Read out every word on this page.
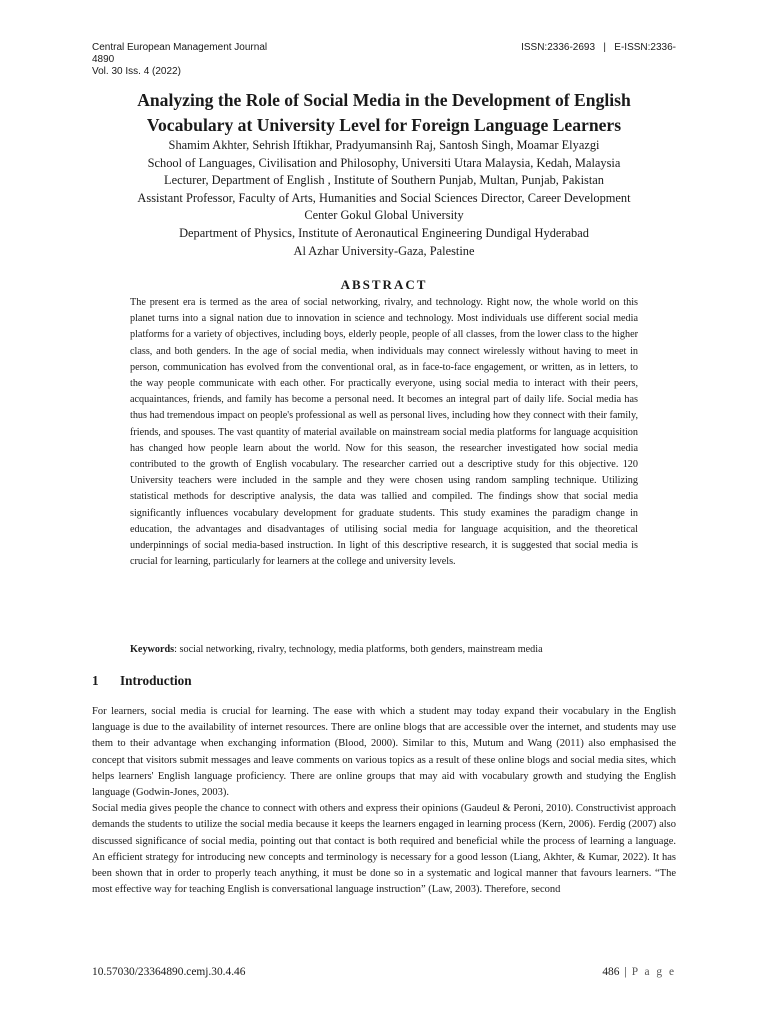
Central European Management Journal
4890
Vol. 30 Iss. 4 (2022)
ISSN:2336-2693   |   E-ISSN:2336-
Analyzing the Role of Social Media in the Development of English
Vocabulary at University Level for Foreign Language Learners
Shamim Akhter, Sehrish Iftikhar, Pradyumansinh Raj, Santosh Singh, Moamar Elyazgi
School of Languages, Civilisation and Philosophy, Universiti Utara Malaysia, Kedah, Malaysia
Lecturer, Department of English , Institute of Southern Punjab, Multan, Punjab, Pakistan
Assistant Professor, Faculty of Arts, Humanities and Social Sciences Director, Career Development
Center Gokul Global University
Department of Physics, Institute of Aeronautical Engineering Dundigal Hyderabad
Al Azhar University-Gaza, Palestine
ABSTRACT
The present era is termed as the area of social networking, rivalry, and technology. Right now, the whole world on this planet turns into a signal nation due to innovation in science and technology. Most individuals use different social media platforms for a variety of objectives, including boys, elderly people, people of all classes, from the lower class to the higher class, and both genders. In the age of social media, when individuals may connect wirelessly without having to meet in person, communication has evolved from the conventional oral, as in face-to-face engagement, or written, as in letters, to the way people communicate with each other. For practically everyone, using social media to interact with their peers, acquaintances, friends, and family has become a personal need. It becomes an integral part of daily life. Social media has thus had tremendous impact on people's professional as well as personal lives, including how they connect with their family, friends, and spouses. The vast quantity of material available on mainstream social media platforms for language acquisition has changed how people learn about the world. Now for this season, the researcher investigated how social media contributed to the growth of English vocabulary. The researcher carried out a descriptive study for this objective. 120 University teachers were included in the sample and they were chosen using random sampling technique. Utilizing statistical methods for descriptive analysis, the data was tallied and compiled. The findings show that social media significantly influences vocabulary development for graduate students. This study examines the paradigm change in education, the advantages and disadvantages of utilising social media for language acquisition, and the theoretical underpinnings of social media-based instruction. In light of this descriptive research, it is suggested that social media is crucial for learning, particularly for learners at the college and university levels.
Keywords: social networking, rivalry, technology, media platforms, both genders, mainstream media
1 Introduction

For learners, social media is crucial for learning. The ease with which a student may today expand their vocabulary in the English language is due to the availability of internet resources. There are online blogs that are accessible over the internet, and students may use them to their advantage when exchanging information (Blood, 2000). Similar to this, Mutum and Wang (2011) also emphasised the concept that visitors submit messages and leave comments on various topics as a result of these online blogs and social media sites, which helps learners' English language proficiency. There are online groups that may aid with vocabulary growth and studying the English language (Godwin-Jones, 2003).

Social media gives people the chance to connect with others and express their opinions (Gaudeul & Peroni, 2010). Constructivist approach demands the students to utilize the social media because it keeps the learners engaged in learning process (Kern, 2006). Ferdig (2007) also discussed significance of social media, pointing out that contact is both required and beneficial while the process of learning a language. An efficient strategy for introducing new concepts and terminology is necessary for a good lesson (Liang, Akhter, & Kumar, 2022). It has been shown that in order to properly teach anything, it must be done so in a systematic and logical manner that favours learners. “The most effective way for teaching English is conversational language instruction” (Law, 2003). Therefore, second

10.57030/23364890.cemj.30.4.46	486 | P a g e
